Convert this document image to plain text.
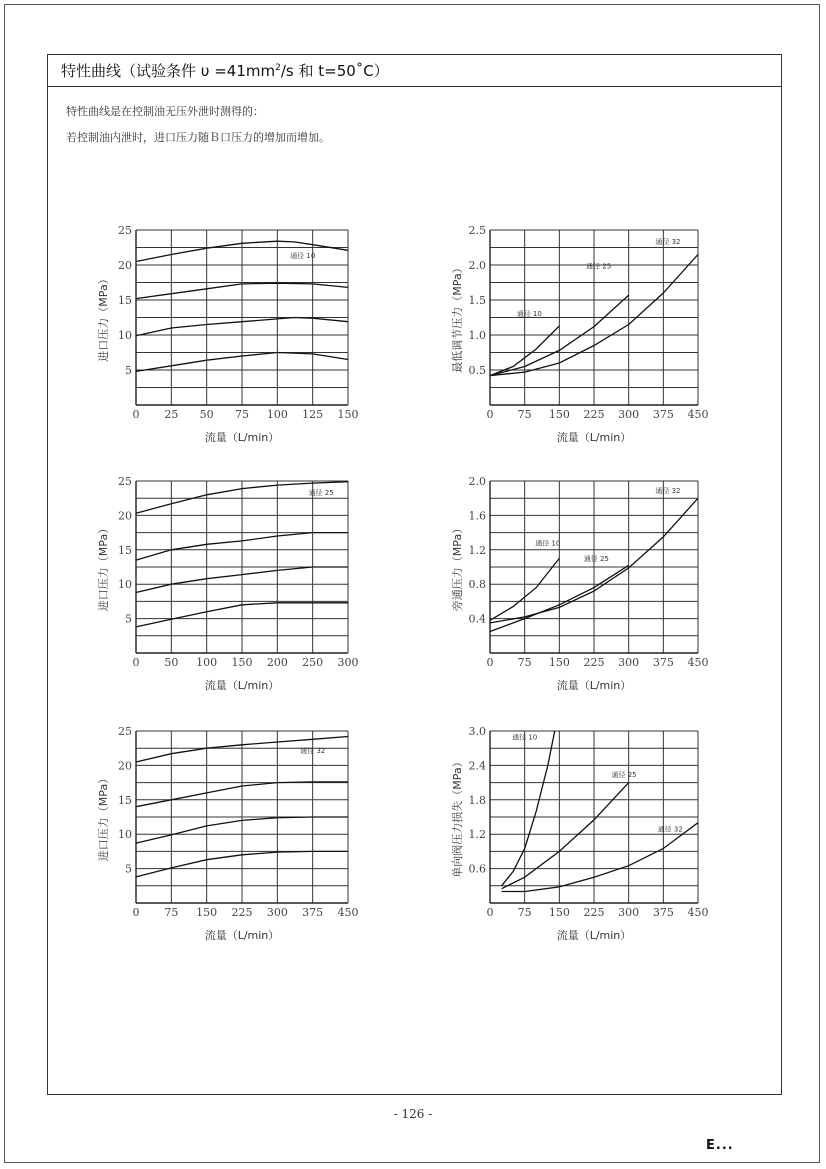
特性曲线（试验条件 $\upsilon =41mm^2/s$ 和 t=50˚C）
特性曲线是在控制油无压外泄时测得的：
若控制油内泄时，进口压力随Ｂ口压力的增加而增加。
0 25 50 75 100 125 150
5
10
15
20
25
通径 10
流量（L/min）
进口压力（MPa）
0 75 150 225 300 375 450
0.5
1.0
1.5
2.0
2.5
通径 10
通径 25
通径 32
流量（L/min）
最低调节压力（MPa）
0 50 100 150 200 250 300
5
10
15
20
25
通径 25
流量（L/min）
进口压力（MPa）
0 75 150 225 300 375 450
0.4
0.8
1.2
1.6
2.0
通径 10
通径 25
通径 32
流量（L/min）
旁通压力（MPa）
0 75 150 225 300 375 450
5
10
15
20
25
通径 32
流量（L/min）
进口压力（MPa）
0 75 150 225 300 375 450
0.6
1.2
1.8
2.4
3.0	通径 10
通径 25
通径 32
流量（L/min）
单向阀压力损失（MPa）
- 126 -
E...
